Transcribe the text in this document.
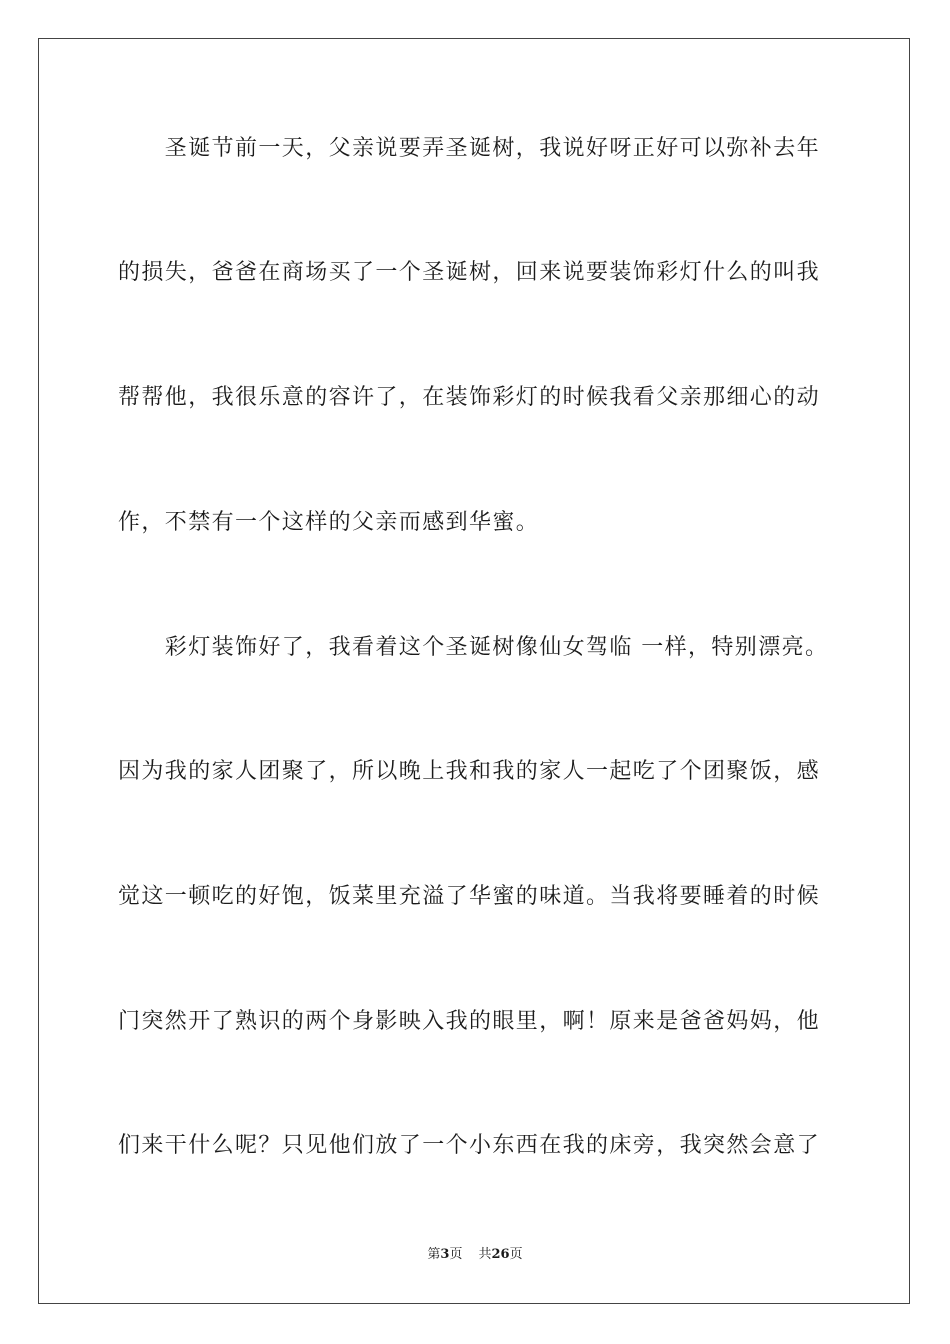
　　圣诞节前一天，父亲说要弄圣诞树，我说好呀正好可以弥补去年
的损失，爸爸在商场买了一个圣诞树，回来说要装饰彩灯什么的叫我
帮帮他，我很乐意的容许了，在装饰彩灯的时候我看父亲那细心的动
作，不禁有一个这样的父亲而感到华蜜。
　　彩灯装饰好了，我看着这个圣诞树像仙女驾临 一样，特别漂亮。
因为我的家人团聚了，所以晚上我和我的家人一起吃了个团聚饭，感
觉这一顿吃的好饱，饭菜里充溢了华蜜的味道。当我将要睡着的时候
门突然开了熟识的两个身影映入我的眼里，啊！原来是爸爸妈妈，他
们来干什么呢？只见他们放了一个小东西在我的床旁，我突然会意了
第3页 共26页
